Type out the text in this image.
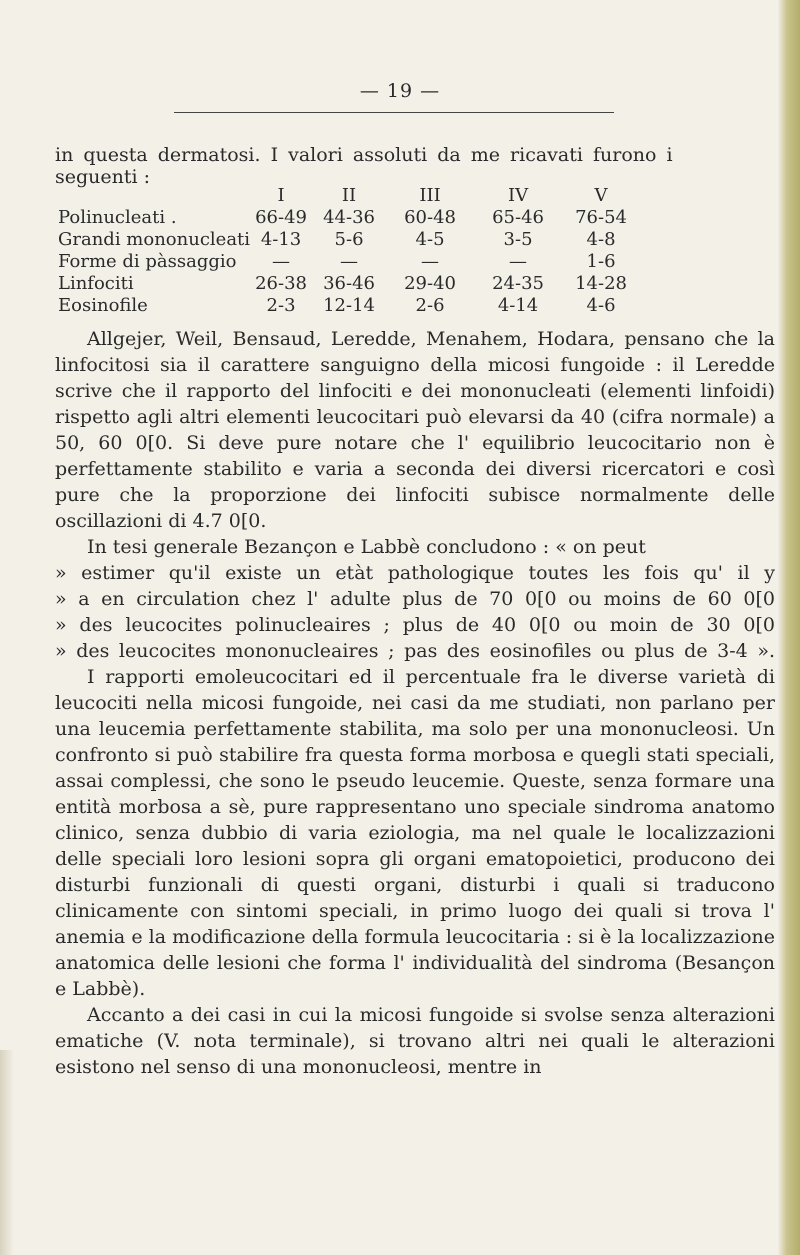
— 19 —
in questa dermatosi. I valori assoluti da me ricavati furono i
seguenti :
	I	II	III	IV	V
Polinucleati .	66-49	44-36	60-48	65-46	76-54
Grandi mononucleati	4-13	5-6	4-5	3-5	4-8
Forme di pàssaggio	—	—	—	—	1-6
Linfociti	26-38	36-46	29-40	24-35	14-28
Eosinofile	2-3	12-14	2-6	4-14	4-6

Allgejer, Weil, Bensaud, Leredde, Menahem, Hodara, pensano che la linfocitosi sia il carattere sanguigno della micosi fungoide : il Leredde scrive che il rapporto del linfociti e dei mononucleati (elementi linfoidi) rispetto agli altri elementi leucocitari può elevarsi da 40 (cifra normale) a 50, 60 0[0. Si deve pure notare che l' equilibrio leucocitario non è perfettamente stabilito e varia a seconda dei diversi ricercatori e così pure che la proporzione dei linfociti subisce normalmente delle oscillazioni di 4.7 0[0.

In tesi generale Bezançon e Labbè concludono : « on peut

» estimer qu'il existe un etàt pathologique toutes les fois qu' il y
» a en circulation chez l' adulte plus de 70 0[0 ou moins de 60 0[0
» des leucocites polinucleaires ; plus de 40 0[0 ou moin de 30 0[0
» des leucocites mononucleaires ; pas des eosinofiles ou plus de 3-4 ».

I rapporti emoleucocitari ed il percentuale fra le diverse varietà di leucociti nella micosi fungoide, nei casi da me studiati, non parlano per una leucemia perfettamente stabilita, ma solo per una mononucleosi. Un confronto si può stabilire fra questa forma morbosa e quegli stati speciali, assai complessi, che sono le pseudo leucemie. Queste, senza formare una entità morbosa a sè, pure rappresentano uno speciale sindroma anatomo clinico, senza dubbio di varia eziologia, ma nel quale le localizzazioni delle speciali loro lesioni sopra gli organi ematopoietici, producono dei disturbi funzionali di questi organi, disturbi i quali si traducono clinicamente con sintomi speciali, in primo luogo dei quali si trova l' anemia e la modificazione della formula leucocitaria : si è la localizzazione anatomica delle lesioni che forma l' individualità del sindroma (Besançon e Labbè).

Accanto a dei casi in cui la micosi fungoide si svolse senza alterazioni ematiche (V. nota terminale), si trovano altri nei quali le alterazioni esistono nel senso di una mononucleosi, mentre in
